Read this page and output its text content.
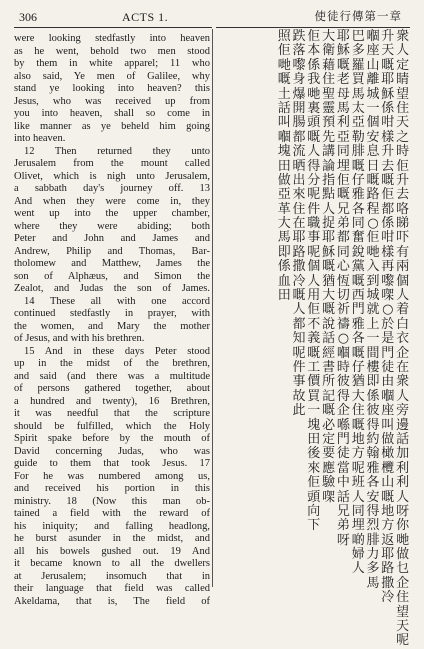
306	ACTS 1.	使徒行傳第一章
were looking stedfastly into heaven
as he went, behold two men stood
by them in white apparel; 11 who
also said, Ye men of Galilee, why
stand ye looking into heaven? this
Jesus, who was received up from
you into heaven, shall so come in
like manner as ye beheld him going
into heaven.
12 Then returned they unto
Jerusalem from the mount called
Olivet, which is nigh unto Jerusalem,
a sabbath day's journey off. 13
And when they were come in, they
went up into the upper chamber,
where they were abiding; both
Peter and John and James and
Andrew, Philip and Thomas, Bar-
tholomew and Matthew, James the
son of Alphæus, and Simon the
Zealot, and Judas the son of James.
14 These all with one accord
continued stedfastly in prayer, with
the women, and Mary the mother
of Jesus, and with his brethren.
15 And in these days Peter stood
up in the midst of the brethren,
and said (and there was a multitude
of persons gathered together, about
a hundred and twenty), 16 Brethren,
it was needful that the scripture
should be fulfilled, which the Holy
Spirit spake before by the mouth of
David concerning Judas, who was
guide to them that took Jesus. 17
For he was numbered among us,
and received his portion in this
ministry. 18 (Now this man ob-
tained a field with the reward of
his iniquity; and falling headlong,
he burst asunder in the midst, and
all his bowels gushed out. 19 And
it became known to all the dwellers
at Jerusalem; insomuch that in
their language that field was called
Akeldama, that is, The field of
衆
人
定
睛
望
住
天
之
時
佢
升
去
咯
睇
吓
有
兩
個
人
着
白
衣
企
在
衆
人
旁
邊
話
加
利
利
人
呀
你
哋
做
乜
企
住
望
天
呢
升
天
嘅
耶
穌
係
咁
樣
升
去
嘅
佢
都
係
咁
樣
再
嚟
㗎
○
於
是
門
徒
由
嗰
座
叫
做
橄
欖
山
嘅
地
方
返
耶
路
撒
冷
嗰
座
山
離
城
一
個
安
息
日
嘅
路
程
○
佢
哋
入
到
城
就
上
一
間
樓
即
係
彼
得
約
翰
雅
各
安
得
烈
腓
力
多
馬
巴
多
羅
買
馬
太
亞
勒
腓
嘅
仔
雅
各
同
奮
銳
黨
嘅
西
門
雅
各
嘅
仔
猶
大
住
嘅
地
方
呢
班
人
同
埋
啲
婦
人
耶
穌
嘅
老
母
馬
利
亞
同
埋
佢
嘅
兄
弟
都
同
心
恆
切
祈
禱
○
嗰
時
彼
得
企
喺
門
徒
當
中
話
兄
弟
呀
大
衛
藉
住
聖
靈
預
先
講
論
指
點
人
捉
耶
穌
嘅
猶
大
嘅
說
話
經
書
所
記
嘅
必
定
要
應
驗
㗎
佢
本
係
我
哋
裏
頭
嘅
人
得
分
呢
件
職
事
呢
個
人
用
佢
不
義
嘅
工
價
買
一
塊
田
後
來
佢
頭
向
下
跌
落
嚟
身
爆
開
腸
都
流
晒
出
來
住
在
耶
路
撒
冷
嘅
人
都
知
呢
件
事
故
此
照
佢
哋
嘅
土
話
叫
嗰
塊
田
做
亞
革
大
馬
即
係
血
田
